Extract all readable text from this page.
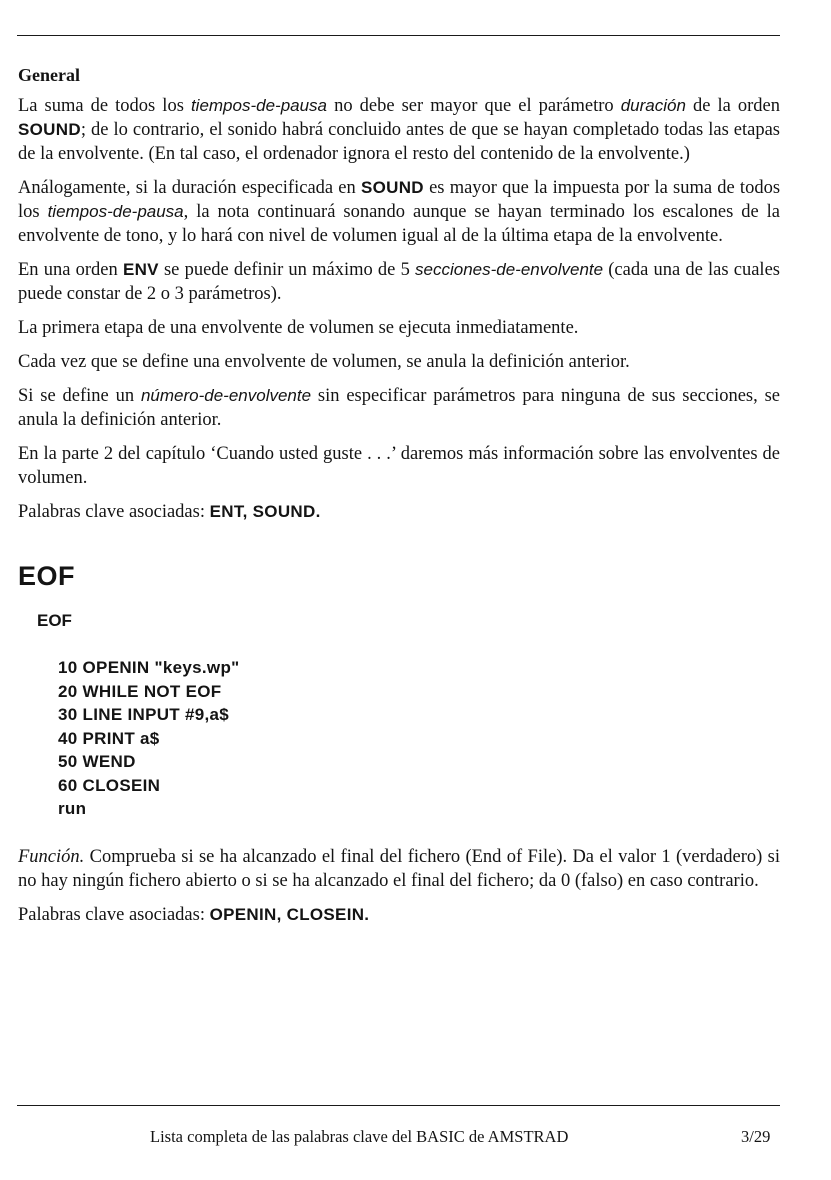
General

La suma de todos los tiempos-de-pausa no debe ser mayor que el parámetro duración de la orden SOUND; de lo contrario, el sonido habrá concluido antes de que se hayan completado todas las etapas de la envolvente. (En tal caso, el ordenador ignora el resto del contenido de la envolvente.)

Análogamente, si la duración especificada en SOUND es mayor que la impuesta por la suma de todos los tiempos-de-pausa, la nota continuará sonando aunque se hayan terminado los escalones de la envolvente de tono, y lo hará con nivel de volumen igual al de la última etapa de la envolvente.

En una orden ENV se puede definir un máximo de 5 secciones-de-envolvente (cada una de las cuales puede constar de 2 o 3 parámetros).

La primera etapa de una envolvente de volumen se ejecuta inmediatamente.

Cada vez que se define una envolvente de volumen, se anula la definición anterior.

Si se define un número-de-envolvente sin especificar parámetros para ninguna de sus secciones, se anula la definición anterior.

En la parte 2 del capítulo ‘Cuando usted guste . . .’ daremos más información sobre las envolventes de volumen.

Palabras clave asociadas: ENT, SOUND.

EOF
EOF
10 OPENIN "keys.wp"
20 WHILE NOT EOF
30 LINE INPUT #9,a$
40 PRINT a$
50 WEND
60 CLOSEIN
run

Función. Comprueba si se ha alcanzado el final del fichero (End of File). Da el valor 1 (verdadero) si no hay ningún fichero abierto o si se ha alcanzado el final del fichero; da 0 (falso) en caso contrario.

Palabras clave asociadas: OPENIN, CLOSEIN.

Lista completa de las palabras clave del BASIC de AMSTRAD	3/29
